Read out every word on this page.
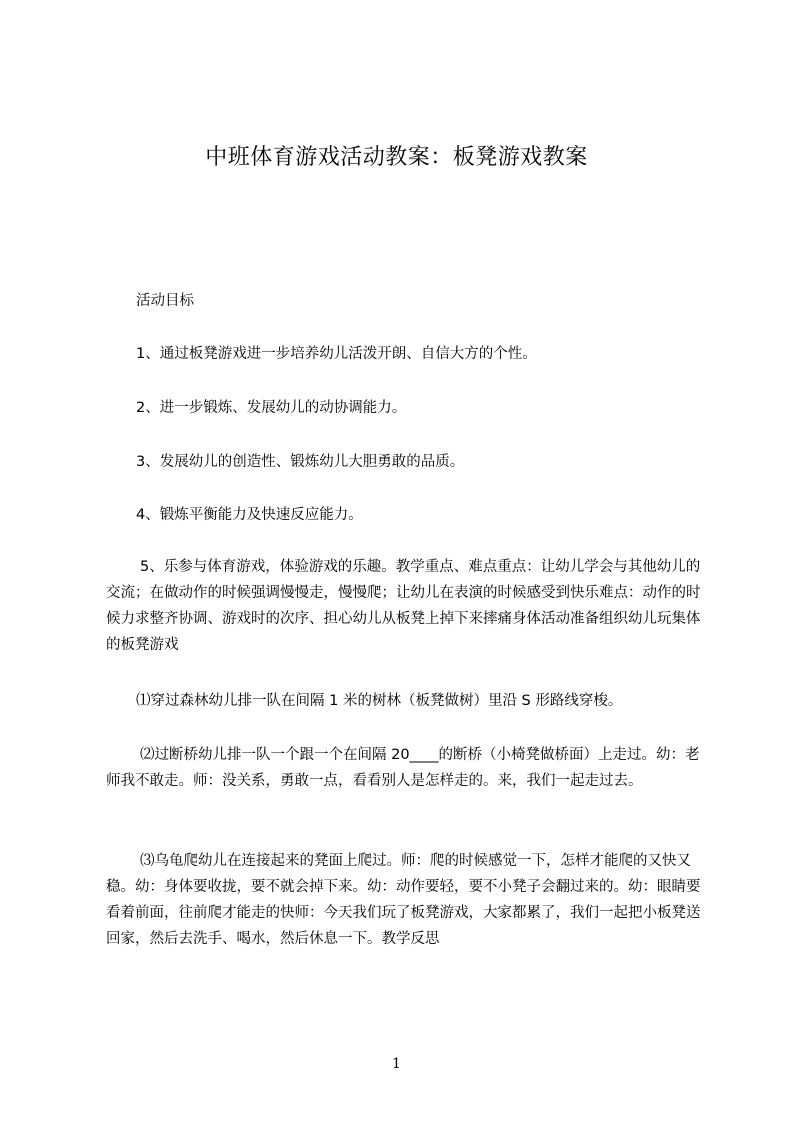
中班体育游戏活动教案：板凳游戏教案

活动目标

1、通过板凳游戏进一步培养幼儿活泼开朗、自信大方的个性。

2、进一步锻炼、发展幼儿的动协调能力。

3、发展幼儿的创造性、锻炼幼儿大胆勇敢的品质。

4、锻炼平衡能力及快速反应能力。

5、乐参与体育游戏，体验游戏的乐趣。教学重点、难点重点：让幼儿学会与其他幼儿的交流；在做动作的时候强调慢慢走，慢慢爬；让幼儿在表演的时候感受到快乐难点：动作的时候力求整齐协调、游戏时的次序、担心幼儿从板凳上掉下来摔痛身体活动准备组织幼儿玩集体的板凳游戏

⑴穿过森林幼儿排一队在间隔 1 米的树林（板凳做树）里沿 S 形路线穿梭。

⑵过断桥幼儿排一队一个跟一个在间隔 20____的断桥（小椅凳做桥面）上走过。幼：老师我不敢走。师：没关系，勇敢一点，看看别人是怎样走的。来，我们一起走过去。

⑶乌龟爬幼儿在连接起来的凳面上爬过。师：爬的时候感觉一下，怎样才能爬的又快又稳。幼：身体要收拢，要不就会掉下来。幼：动作要轻，要不小凳子会翻过来的。幼：眼睛要看着前面，往前爬才能走的快师：今天我们玩了板凳游戏，大家都累了，我们一起把小板凳送回家，然后去洗手、喝水，然后休息一下。教学反思

1
